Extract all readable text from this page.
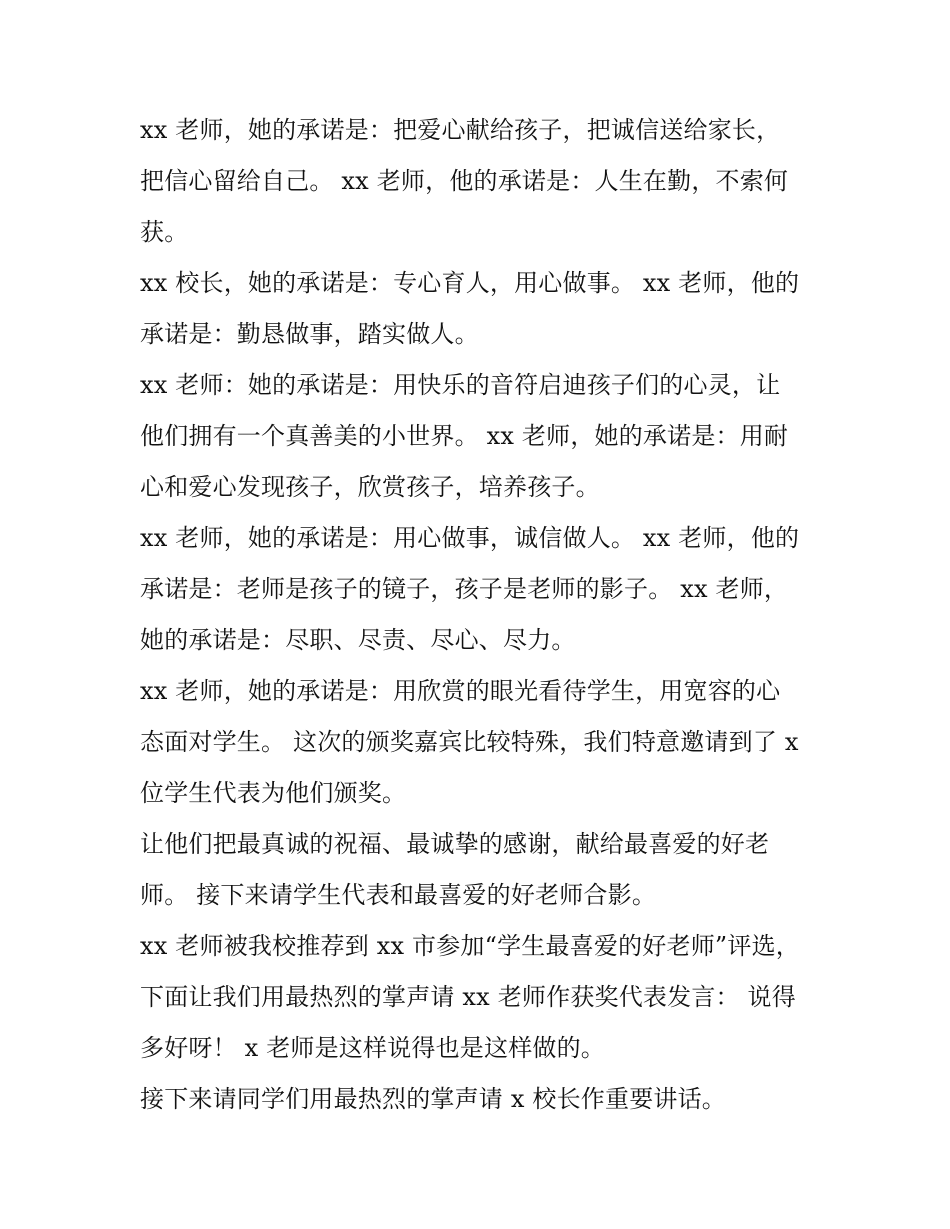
xx 老师，她的承诺是：把爱心献给孩子，把诚信送给家长，
把信心留给自己。 xx 老师，他的承诺是：人生在勤，不索何
获。
xx 校长，她的承诺是：专心育人，用心做事。 xx 老师，他的
承诺是：勤恳做事，踏实做人。
xx 老师：她的承诺是：用快乐的音符启迪孩子们的心灵，让
他们拥有一个真善美的小世界。 xx 老师，她的承诺是：用耐
心和爱心发现孩子，欣赏孩子，培养孩子。
xx 老师，她的承诺是：用心做事，诚信做人。 xx 老师，他的
承诺是：老师是孩子的镜子，孩子是老师的影子。 xx 老师，
她的承诺是：尽职、尽责、尽心、尽力。
xx 老师，她的承诺是：用欣赏的眼光看待学生，用宽容的心
态面对学生。 这次的颁奖嘉宾比较特殊，我们特意邀请到了 x
位学生代表为他们颁奖。
让他们把最真诚的祝福、最诚挚的感谢，献给最喜爱的好老
师。 接下来请学生代表和最喜爱的好老师合影。
xx 老师被我校推荐到 xx 市参加“学生最喜爱的好老师”评选，
下面让我们用最热烈的掌声请 xx 老师作获奖代表发言： 说得
多好呀！ x 老师是这样说得也是这样做的。
接下来请同学们用最热烈的掌声请 x 校长作重要讲话。
